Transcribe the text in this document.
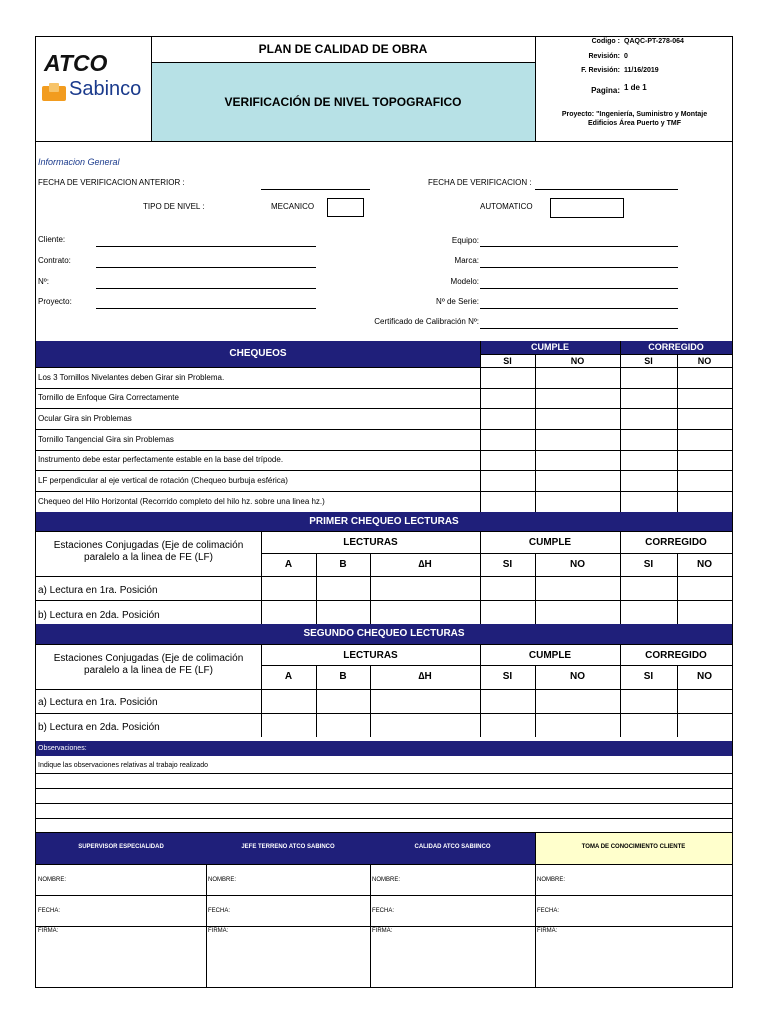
ATCO
Sabinco
PLAN DE CALIDAD DE OBRA
VERIFICACIÓN DE NIVEL TOPOGRAFICO
Codigo : QAQC-PT-278-064
Revisión: 0
F. Revisión: 11/16/2019
Pagina: 1 de 1
Proyecto: "Ingeniería, Suministro y Montaje
Edificios Área Puerto y TMF
Informacion General
FECHA DE VERIFICACION ANTERIOR :	FECHA DE VERIFICACION :
TIPO DE NIVEL :	MECANICO	AUTOMATICO
Cliente:
Contrato:
Nº:
Proyecto:
Equipo:
Marca:
Modelo:
Nº de Serie:
Certificado de Calibración Nº:
CHEQUEOS
CUMPLE	CORREGIDO
SI	NO	SI	NO
Los 3 Tornillos Nivelantes deben Girar sin Problema.
Tornillo de Enfoque Gira Correctamente
Ocular Gira sin Problemas
Tornillo Tangencial Gira sin Problemas
Instrumento debe estar perfectamente estable en la base del trípode.
LF perpendicular al eje vertical de rotación (Chequeo burbuja esférica)
Chequeo del Hilo Horizontal (Recorrido completo del hilo hz. sobre una linea hz.)
PRIMER CHEQUEO LECTURAS
Estaciones Conjugadas (Eje de colimación
paralelo a la linea de FE (LF)
LECTURAS	CUMPLE	CORREGIDO
A	B	∆H	SI	NO	SI	NO
a) Lectura en 1ra. Posición
b) Lectura en 2da. Posición
SEGUNDO CHEQUEO LECTURAS
Estaciones Conjugadas (Eje de colimación
paralelo a la linea de FE (LF)
LECTURAS	CUMPLE	CORREGIDO
A	B	∆H	SI	NO	SI	NO
a) Lectura en 1ra. Posición
b) Lectura en 2da. Posición
Observaciones:
Indique las observaciones relativas al trabajo realizado
SUPERVISOR ESPECIALIDAD	JEFE TERRENO ATCO SABINCO	CALIDAD ATCO SABIINCO	TOMA DE CONOCIMIENTO CLIENTE
NOMBRE:	NOMBRE:	NOMBRE:	NOMBRE:
FECHA:	FECHA:	FECHA:	FECHA:
FIRMA:	FIRMA:	FIRMA:	FIRMA:
